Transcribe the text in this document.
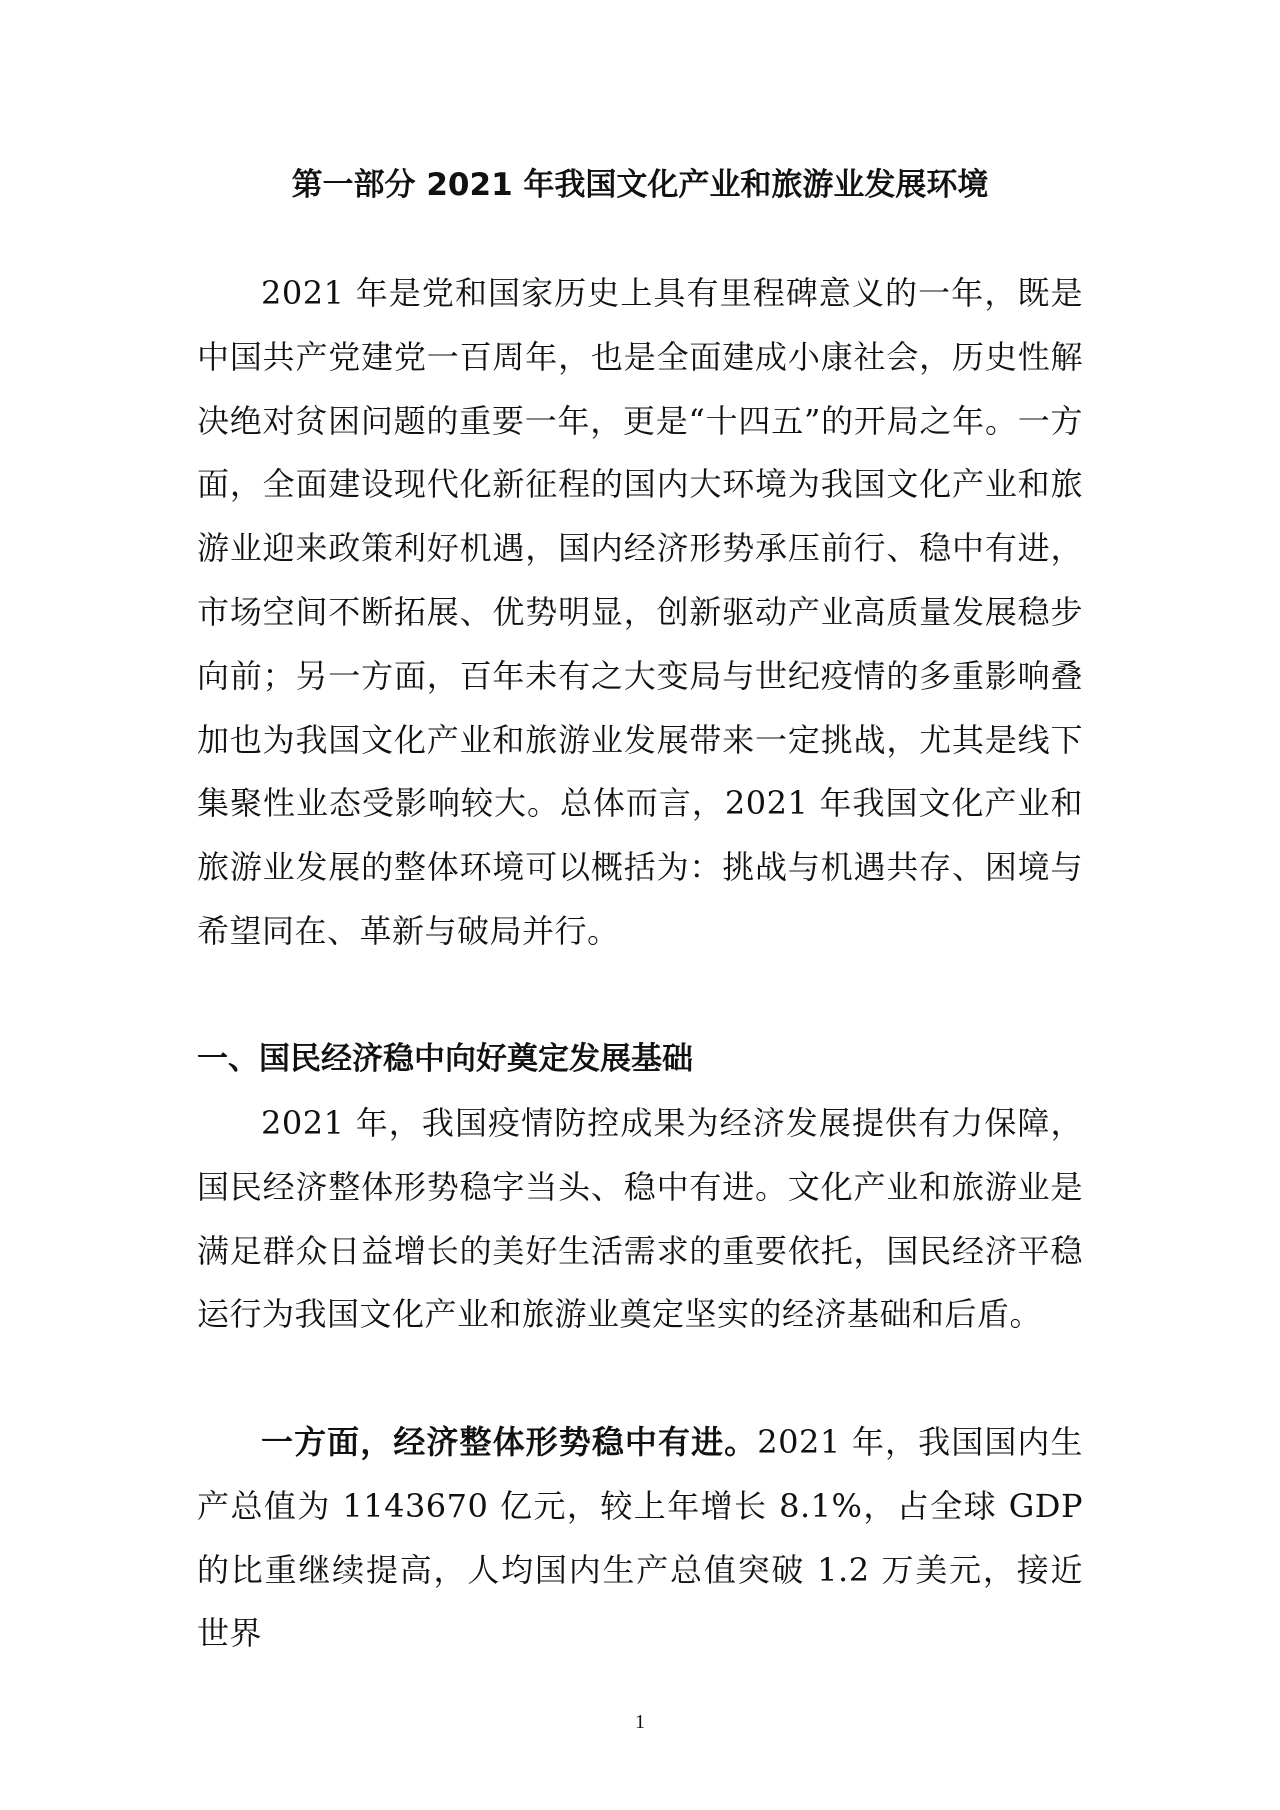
第一部分 2021 年我国文化产业和旅游业发展环境

2021 年是党和国家历史上具有里程碑意义的一年，既是中国共产党建党一百周年，也是全面建成小康社会，历史性解决绝对贫困问题的重要一年，更是“十四五”的开局之年。一方面，全面建设现代化新征程的国内大环境为我国文化产业和旅游业迎来政策利好机遇，国内经济形势承压前行、稳中有进，市场空间不断拓展、优势明显，创新驱动产业高质量发展稳步向前；另一方面，百年未有之大变局与世纪疫情的多重影响叠加也为我国文化产业和旅游业发展带来一定挑战，尤其是线下集聚性业态受影响较大。总体而言，2021 年我国文化产业和旅游业发展的整体环境可以概括为：挑战与机遇共存、困境与希望同在、革新与破局并行。

一、国民经济稳中向好奠定发展基础

2021 年，我国疫情防控成果为经济发展提供有力保障，国民经济整体形势稳字当头、稳中有进。文化产业和旅游业是满足群众日益增长的美好生活需求的重要依托，国民经济平稳运行为我国文化产业和旅游业奠定坚实的经济基础和后盾。

一方面，经济整体形势稳中有进。2021 年，我国国内生产总值为 1143670 亿元，较上年增长 8.1%，占全球 GDP 的比重继续提高，人均国内生产总值突破 1.2 万美元，接近世界

1
